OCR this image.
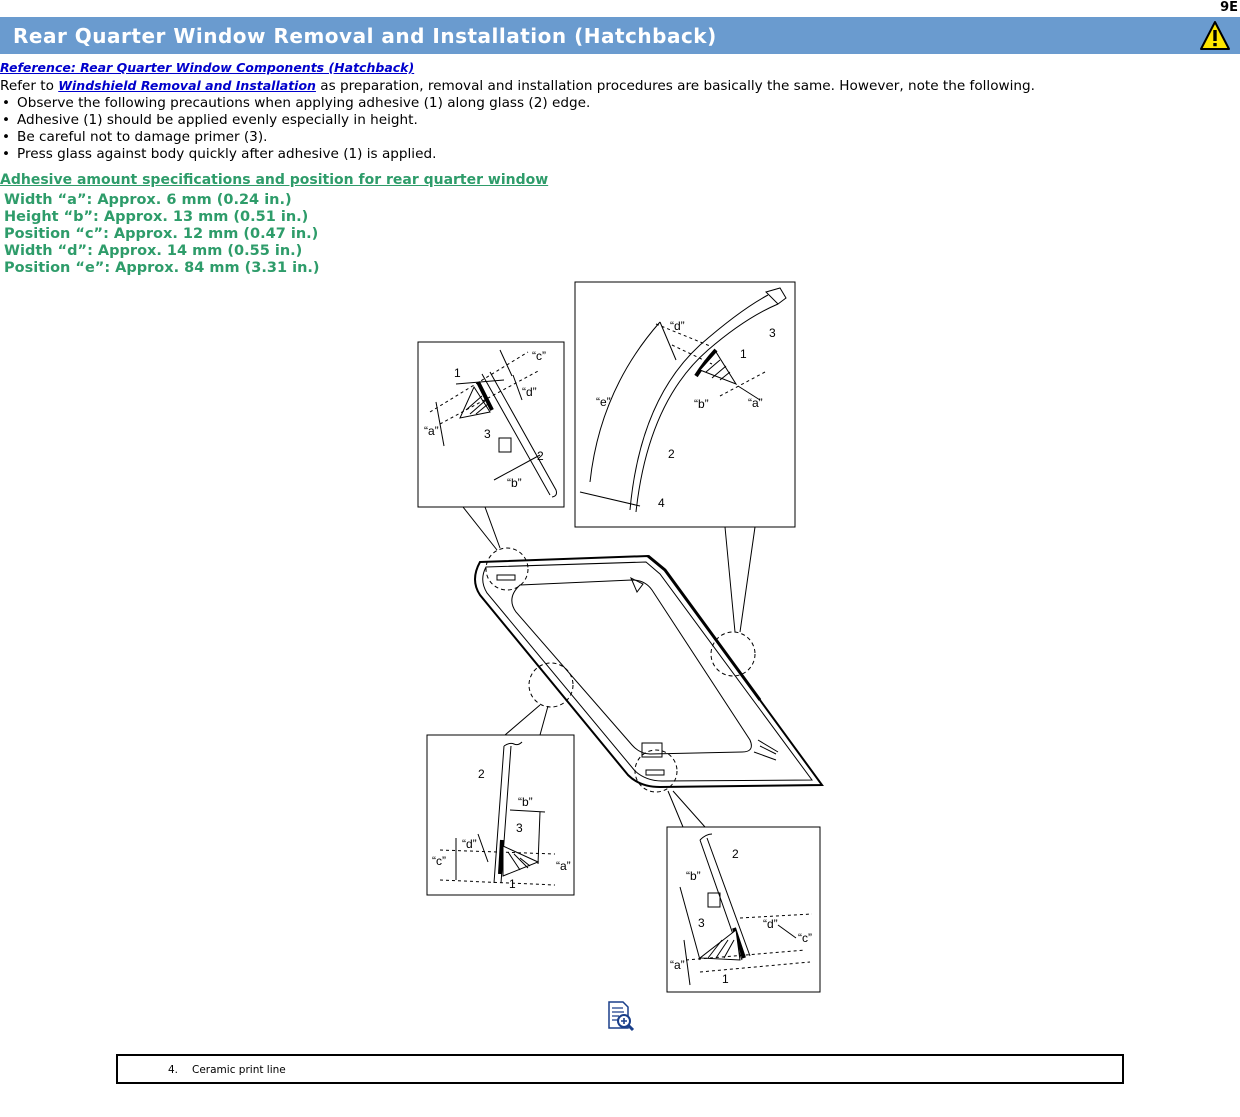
9E
Rear Quarter Window Removal and Installation (Hatchback)
Reference: Rear Quarter Window Components (Hatchback)
Refer to Windshield Removal and Installation as preparation, removal and installation procedures are basically the same. However, note the following.
• Observe the following precautions when applying adhesive (1) along glass (2) edge.
• Adhesive (1) should be applied evenly especially in height.
• Be careful not to damage primer (3).
• Press glass against body quickly after adhesive (1) is applied.
Adhesive amount specifications and position for rear quarter window
Width “a”: Approx. 6 mm (0.24 in.)
Height “b”: Approx. 13 mm (0.51 in.)
Position “c”: Approx. 12 mm (0.47 in.)
Width “d”: Approx. 14 mm (0.55 in.)
Position “e”: Approx. 84 mm (3.31 in.)
“c”
“d”
“a”
“b”
1
3
2
“d”	3
1
“e”	“b”	“a”
2
4
2
“b”
3
“d”
“c”	“a”
1
2
“b”
3	“d”
“c”
“a”
1
4. Ceramic print line
